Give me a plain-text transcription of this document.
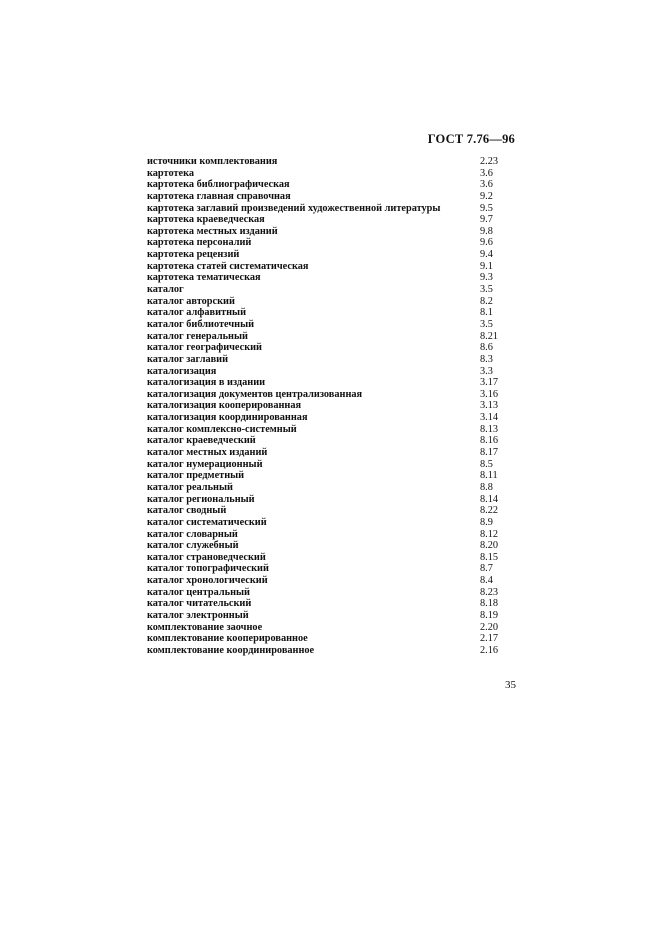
ГОСТ 7.76—96
источники комплектования	2.23
картотека	3.6
картотека библиографическая	3.6
картотека главная справочная	9.2
картотека заглавий произведений художественной литературы	9.5
картотека краеведческая	9.7
картотека местных изданий	9.8
картотека персоналий	9.6
картотека рецензий	9.4
картотека статей систематическая	9.1
картотека тематическая	9.3
каталог	3.5
каталог авторский	8.2
каталог алфавитный	8.1
каталог библиотечный	3.5
каталог генеральный	8.21
каталог географический	8.6
каталог заглавий	8.3
каталогизация	3.3
каталогизация в издании	3.17
каталогизация документов централизованная	3.16
каталогизация кооперированная	3.13
каталогизация координированная	3.14
каталог комплексно-системный	8.13
каталог краеведческий	8.16
каталог местных изданий	8.17
каталог нумерационный	8.5
каталог предметный	8.11
каталог реальный	8.8
каталог региональный	8.14
каталог сводный	8.22
каталог систематический	8.9
каталог словарный	8.12
каталог служебный	8.20
каталог страноведческий	8.15
каталог топографический	8.7
каталог хронологический	8.4
каталог центральный	8.23
каталог читательский	8.18
каталог электронный	8.19
комплектование заочное	2.20
комплектование кооперированное	2.17
комплектование координированное	2.16
35
